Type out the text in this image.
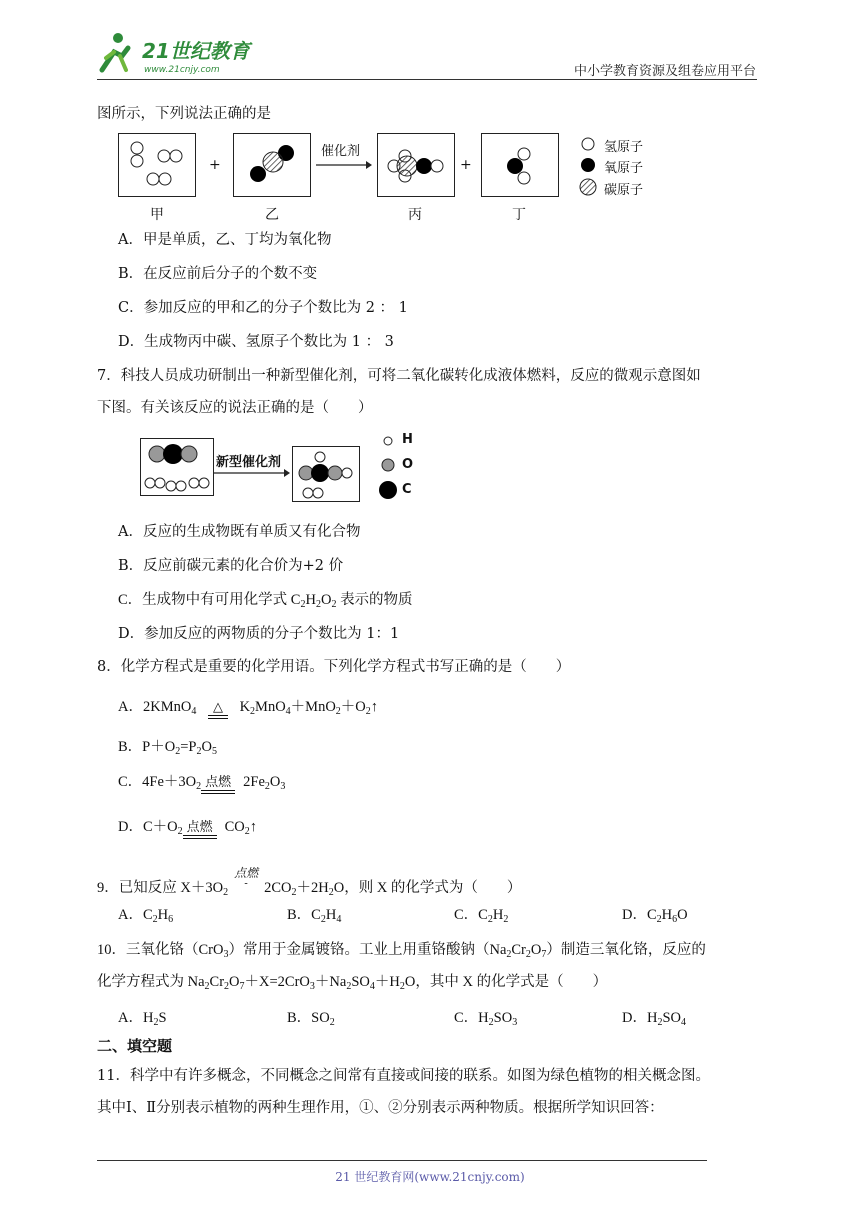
21世纪教育
www.21cnjy.com	中小学教育资源及组卷应用平台
图所示，下列说法正确的是
+
催化剂
+
甲	乙	丙	丁
氢原子
氧原子
碳原子
A．甲是单质，乙、丁均为氧化物
B．在反应前后分子的个数不变
C．参加反应的甲和乙的分子个数比为 2 ： 1
D．生成物丙中碳、氢原子个数比为 1 ： 3
7．科技人员成功研制出一种新型催化剂，可将二氧化碳转化成液体燃料，反应的微观示意图如
下图。有关该反应的说法正确的是（　　）
新型催化剂
H
O
C
A．反应的生成物既有单质又有化合物
B．反应前碳元素的化合价为+2 价
C．生成物中有可用化学式 $C_2H_2O_2$ 表示的物质
D．参加反应的两物质的分子个数比为 1：1
8．化学方程式是重要的化学用语。下列化学方程式书写正确的是（　　）
A．2KMnO$_4$	△ $K_2MnO_4+MnO_2+O_2↑$
B．$P+O_2=P_2O_5$
C．$4Fe+3O_2$ 点燃 $2Fe_2O_3$
D．$C+O_2$ 点燃 $CO_2↑$
9．已知反应 $X+3O_2$
点燃
-	$2CO_2+2H_2O$，则 X 的化学式为（　　）
A．$C_2H_6$	B．$C_2H_4$	C．$C_2H_2$	D．$C_2H_6O$
10．三氧化铬（CrO$_3$）常用于金属镀铬。工业上用重铬酸钠$(Na_2Cr_2O_7)$制造三氧化铬，反应的
化学方程式为 $Na_2Cr_2O_7+X=2CrO_3+Na_2SO_4+H_2O$，其中 X 的化学式是（　　）
A．$H_2S$	B．$SO_2$	C．$H_2SO_3$	D．$H_2SO_4$
二、填空题
11．科学中有许多概念，不同概念之间常有直接或间接的联系。如图为绿色植物的相关概念图。
其中Ⅰ、Ⅱ分别表示植物的两种生理作用，①、②分别表示两种物质。根据所学知识回答：
21 世纪教育网(www.21cnjy.com)
